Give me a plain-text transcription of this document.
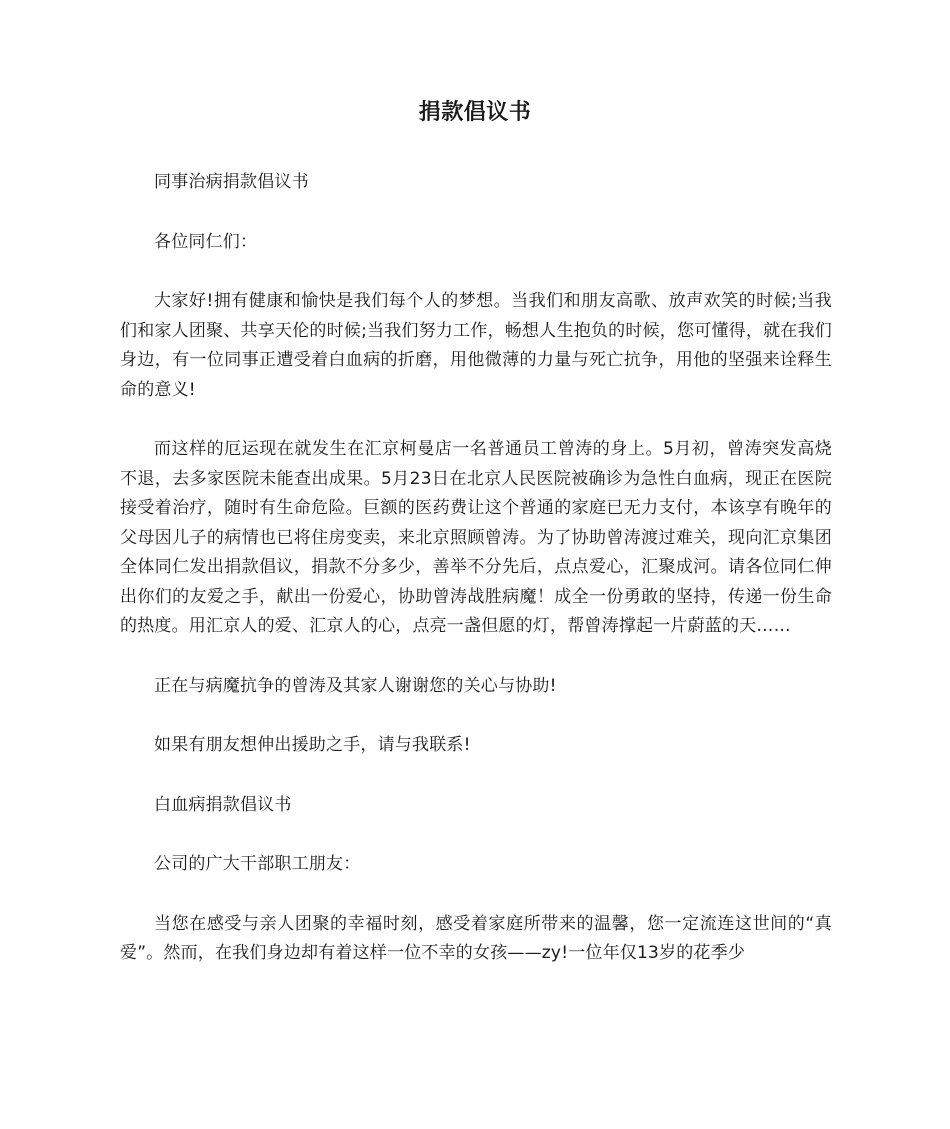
捐款倡议书

同事治病捐款倡议书

各位同仁们：

大家好!拥有健康和愉快是我们每个人的梦想。当我们和朋友高歌、放声欢笑的时候;当我们和家人团聚、共享天伦的时候;当我们努力工作，畅想人生抱负的时候，您可懂得，就在我们身边，有一位同事正遭受着白血病的折磨，用他微薄的力量与死亡抗争，用他的坚强来诠释生命的意义!

而这样的厄运现在就发生在汇京柯曼店一名普通员工曾涛的身上。5月初，曾涛突发高烧不退，去多家医院未能查出成果。5月23日在北京人民医院被确诊为急性白血病，现正在医院接受着治疗，随时有生命危险。巨额的医药费让这个普通的家庭已无力支付，本该享有晚年的父母因儿子的病情也已将住房变卖，来北京照顾曾涛。为了协助曾涛渡过难关，现向汇京集团全体同仁发出捐款倡议，捐款不分多少，善举不分先后，点点爱心，汇聚成河。请各位同仁伸出你们的友爱之手，献出一份爱心，协助曾涛战胜病魔！成全一份勇敢的坚持，传递一份生命的热度。用汇京人的爱、汇京人的心，点亮一盏但愿的灯，帮曾涛撑起一片蔚蓝的天……

正在与病魔抗争的曾涛及其家人谢谢您的关心与协助!

如果有朋友想伸出援助之手，请与我联系!

白血病捐款倡议书

公司的广大干部职工朋友：

当您在感受与亲人团聚的幸福时刻，感受着家庭所带来的温馨，您一定流连这世间的“真爱”。然而，在我们身边却有着这样一位不幸的女孩——zy!一位年仅13岁的花季少
